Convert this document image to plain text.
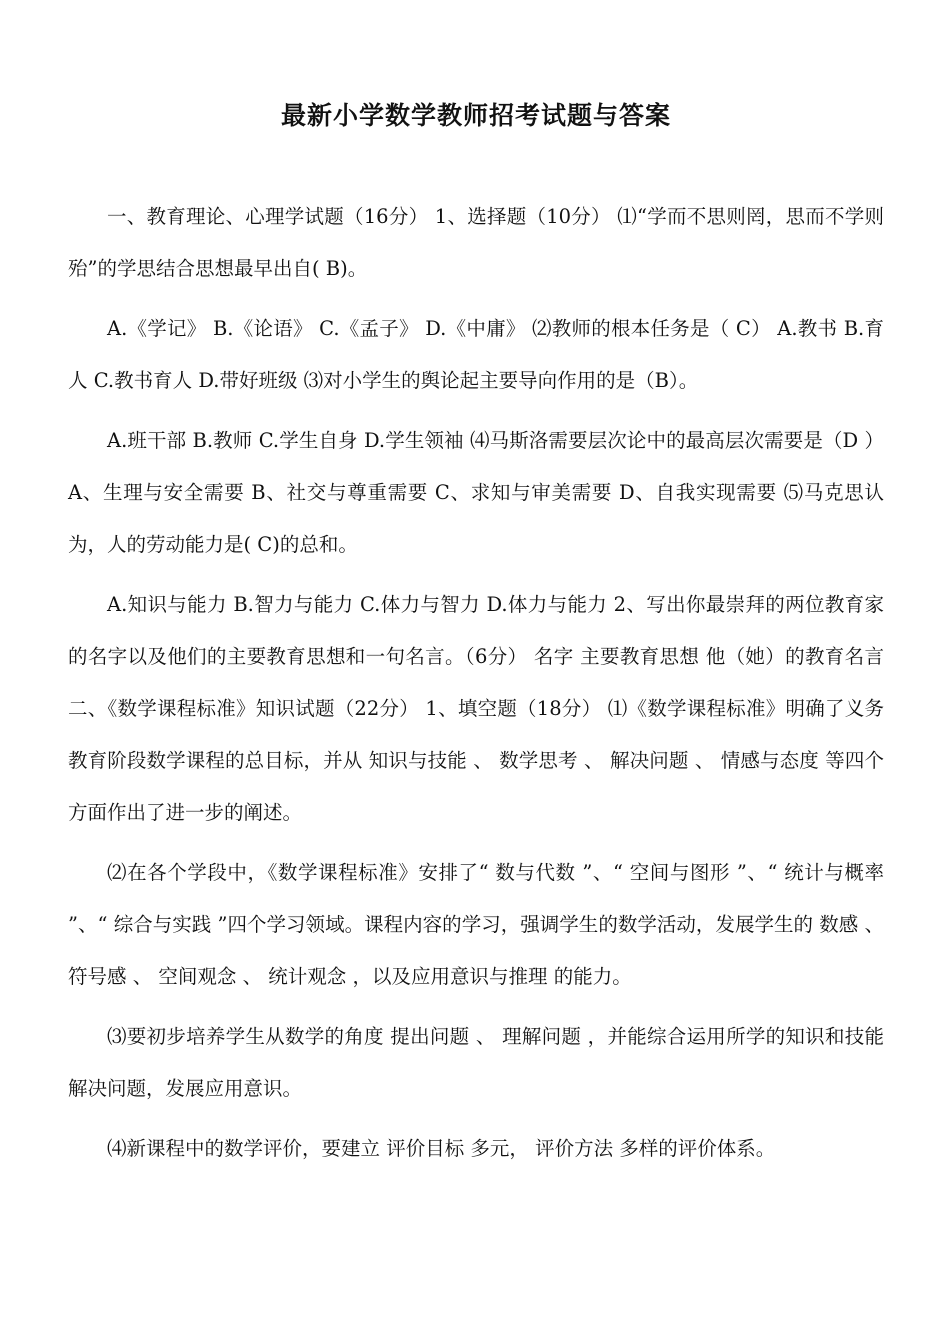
最新小学数学教师招考试题与答案

一、教育理论、心理学试题（16分） 1、选择题（10分） ⑴“学而不思则罔，思而不学则殆”的学思结合思想最早出自( B)。

A.《学记》 B.《论语》 C.《孟子》 D.《中庸》 ⑵教师的根本任务是（ C） A.教书 B.育人 C.教书育人 D.带好班级 ⑶对小学生的舆论起主要导向作用的是（B）。

A.班干部 B.教师 C.学生自身 D.学生领袖 ⑷马斯洛需要层次论中的最高层次需要是（D ） A、生理与安全需要 B、社交与尊重需要 C、求知与审美需要 D、自我实现需要 ⑸马克思认为，人的劳动能力是( C)的总和。

A.知识与能力 B.智力与能力 C.体力与智力 D.体力与能力 2、写出你最崇拜的两位教育家的名字以及他们的主要教育思想和一句名言。（6分） 名字 主要教育思想 他（她）的教育名言 二、《数学课程标准》知识试题（22分） 1、填空题（18分） ⑴《数学课程标准》明确了义务教育阶段数学课程的总目标，并从 知识与技能 、 数学思考 、 解决问题 、 情感与态度 等四个方面作出了进一步的阐述。

⑵在各个学段中，《数学课程标准》安排了“ 数与代数 ”、“ 空间与图形 ”、“ 统计与概率 ”、“ 综合与实践 ”四个学习领域。课程内容的学习，强调学生的数学活动，发展学生的 数感 、 符号感 、 空间观念 、 统计观念 ，以及应用意识与推理 的能力。

⑶要初步培养学生从数学的角度 提出问题 、 理解问题 ，并能综合运用所学的知识和技能解决问题，发展应用意识。

⑷新课程中的数学评价，要建立 评价目标 多元， 评价方法 多样的评价体系。
